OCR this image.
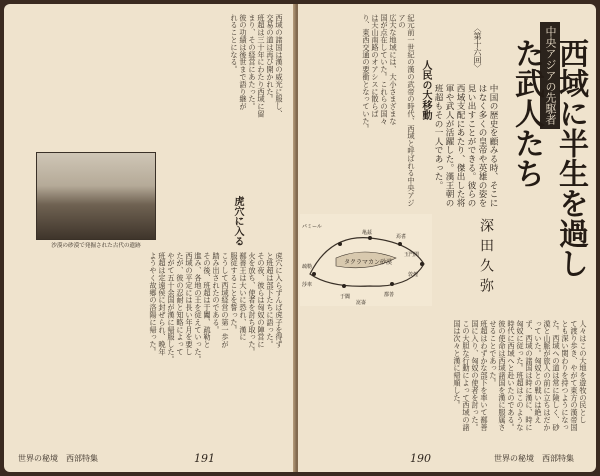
西域の諸国は漢の威光に服し、
交易の道は再び開かれた。
班超は三十年にわたり西域に留
まり、その経営にあたった。
彼の功績は後世まで語り継が
れることになる。
沙漠の砂漠で発掘された古代の遺跡	虎穴に入る
虎穴に入らずんば虎子を得ず
と班超は部下たちに語った。
その夜、彼らは匈奴の陣営に
火を放ち、使者を討ち取った。
鄯善王は大いに恐れ、漢に
服従することを誓った。
こうして西域経営の第一歩が
踏み出されたのである。
その後、班超は于闐、疏勒と
進み、各地の王を従えていった。
西域の平定には長い年月を要し
たが、彼の忍耐と知略によって
やがて五十余国が漢に帰服した。
班超は定遠侯に封ぜられ、晩年
ようやく故郷の洛陽に帰った。
世界の秘境　西部特集	191
中央アジアの先駆者
西域に半生を過した武人たち
〈第十六回〉
深田久弥
中国の歴史を顧みる時、そこにはなく多くの皇帝や英雄の姿を見い出すことができる。彼らの西域支配にあたり、傑出した将軍や武人が活躍した。漢王朝の班超もその一人であった。
人民の大移動
紀元前一世紀の漢の武帝の時代、西域と呼ばれる中央アジアの
広大な地域には、大小さまざまな
国が点在していた。これらの国々
は天山南路のオアシスに散らば
り、東西交通の要衝となっていた。
人々はこの大地を遊牧の民とし
て渡り歩き、やがて東方の漢帝国
とも深い関わりを持つようになっ
た。西域への道は常に険しく、砂
漠と山脈が旅人の前に立ちはだか
っていた。匈奴との戦いは絶え
ず、西域の諸国は時に漢に、時に
匈奴に従った。班超はこのような
時代に西域へと赴いたのである。
彼の使命は西域諸国を漢に服属さ
せることであった。
班超はわずかな部下を率いて鄯善
国に入り、匈奴の使者を討った。
この大胆な行動によって西域の諸
国は次々と漢に帰順した。
世界の秘境　西部特集
190
タクラマカン砂漠
パミール
莎車
于闐
疏勒
亀茲
焉耆
鄯善
敦煌
玉門関
崑崙
